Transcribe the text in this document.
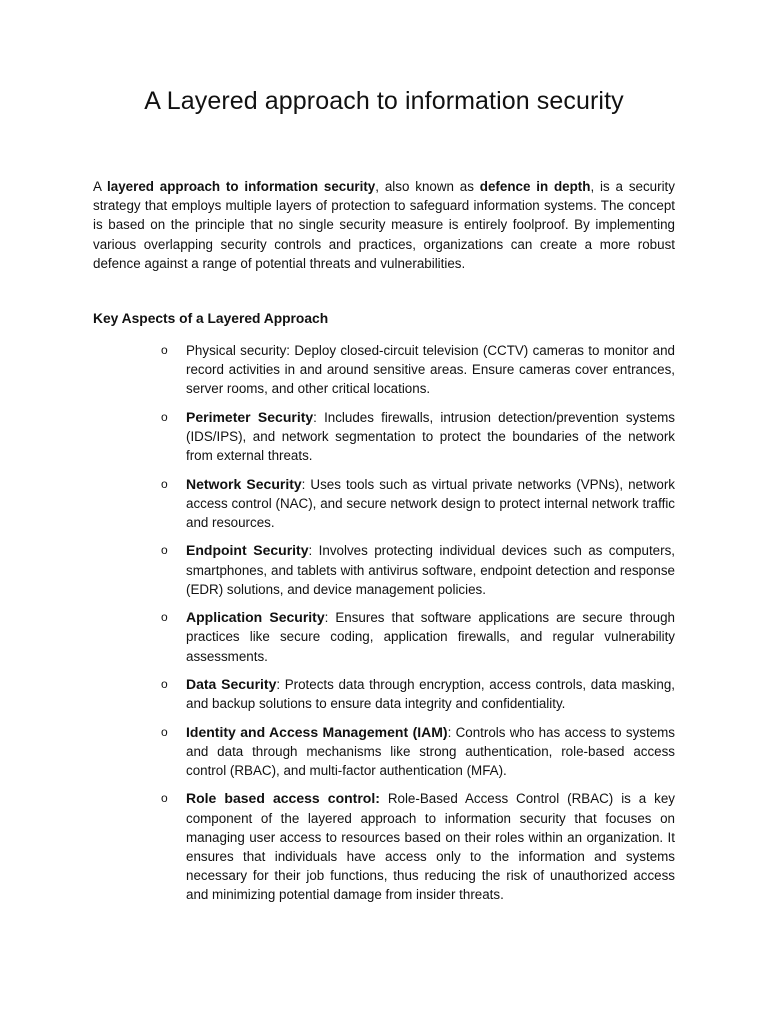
A Layered approach to information security

A layered approach to information security, also known as defence in depth, is a security strategy that employs multiple layers of protection to safeguard information systems. The concept is based on the principle that no single security measure is entirely foolproof. By implementing various overlapping security controls and practices, organizations can create a more robust defence against a range of potential threats and vulnerabilities.

Key Aspects of a Layered Approach
o Physical security: Deploy closed-circuit television (CCTV) cameras to monitor and record activities in and around sensitive areas. Ensure cameras cover entrances, server rooms, and other critical locations.

o Perimeter Security: Includes firewalls, intrusion detection/prevention systems (IDS/IPS), and network segmentation to protect the boundaries of the network from external threats.

o Network Security: Uses tools such as virtual private networks (VPNs), network access control (NAC), and secure network design to protect internal network traffic and resources.

o Endpoint Security: Involves protecting individual devices such as computers, smartphones, and tablets with antivirus software, endpoint detection and response (EDR) solutions, and device management policies.

o Application Security: Ensures that software applications are secure through practices like secure coding, application firewalls, and regular vulnerability assessments.

o Data Security: Protects data through encryption, access controls, data masking, and backup solutions to ensure data integrity and confidentiality.

o Identity and Access Management (IAM): Controls who has access to systems and data through mechanisms like strong authentication, role-based access control (RBAC), and multi-factor authentication (MFA).

o Role based access control: Role-Based Access Control (RBAC) is a key component of the layered approach to information security that focuses on managing user access to resources based on their roles within an organization. It ensures that individuals have access only to the information and systems necessary for their job functions, thus reducing the risk of unauthorized access and minimizing potential damage from insider threats.
